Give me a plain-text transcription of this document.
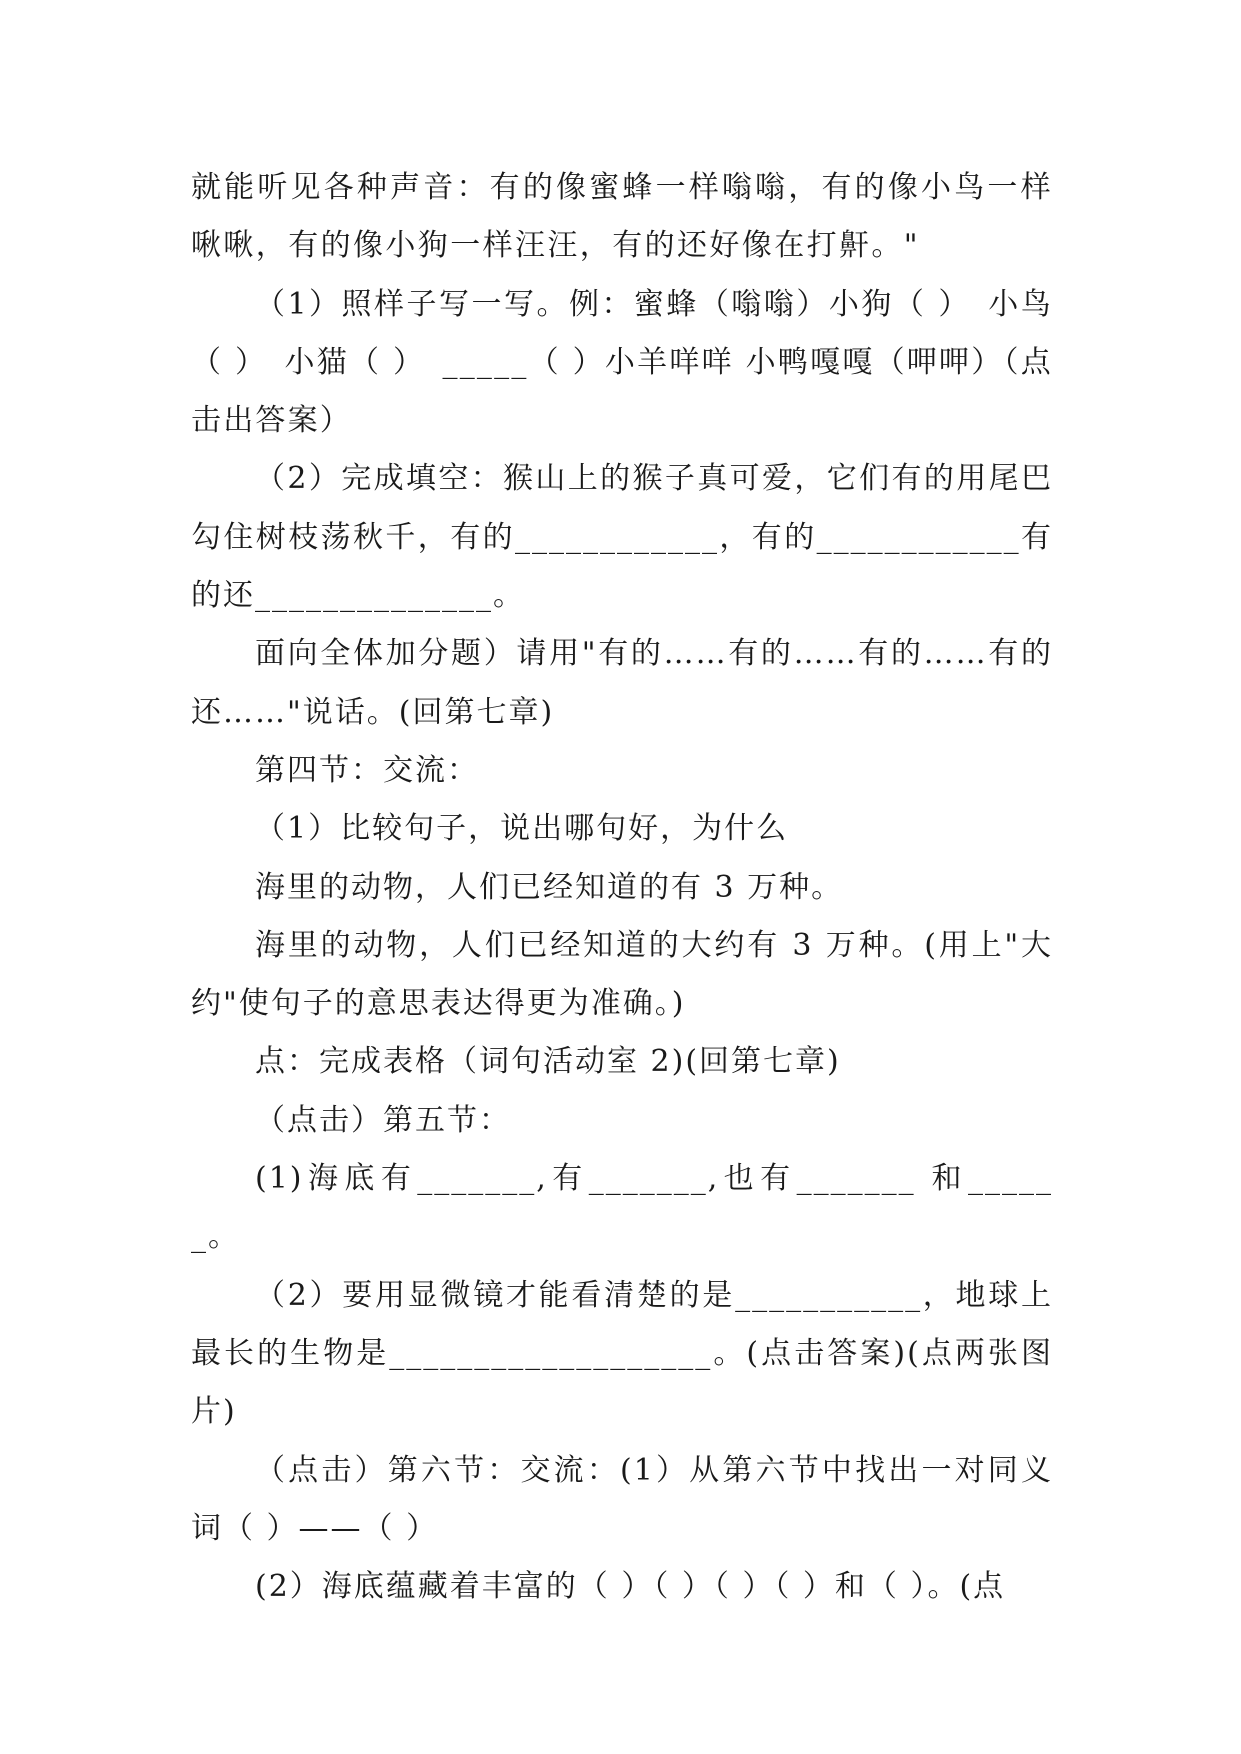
就能听见各种声音：有的像蜜蜂一样嗡嗡，有的像小鸟一样啾啾，有的像小狗一样汪汪，有的还好像在打鼾。"

（1）照样子写一写。例：蜜蜂（嗡嗡）小狗（ ）　小鸟（ ）　小猫（ ）　_____（ ）小羊咩咩 小鸭嘎嘎（呷呷）（点击出答案）

（2）完成填空：猴山上的猴子真可爱，它们有的用尾巴勾住树枝荡秋千，有的____________，有的____________有的还______________。

面向全体加分题）请用"有的……有的……有的……有的还……"说话。(回第七章)

第四节：交流：

（1）比较句子，说出哪句好，为什么

海里的动物，人们已经知道的有 3 万种。

海里的动物，人们已经知道的大约有 3 万种。(用上"大约"使句子的意思表达得更为准确。)

点：完成表格（词句活动室 2)(回第七章)

（点击）第五节：

(1)海底有_______,有_______,也有_______ 和______。

（2）要用显微镜才能看清楚的是___________，地球上最长的生物是___________________。(点击答案)(点两张图片)

（点击）第六节：交流：(1）从第六节中找出一对同义词（ ）——（ ）

(2）海底蕴藏着丰富的（ ）（ ）（ ）（ ）和（ ）。(点
